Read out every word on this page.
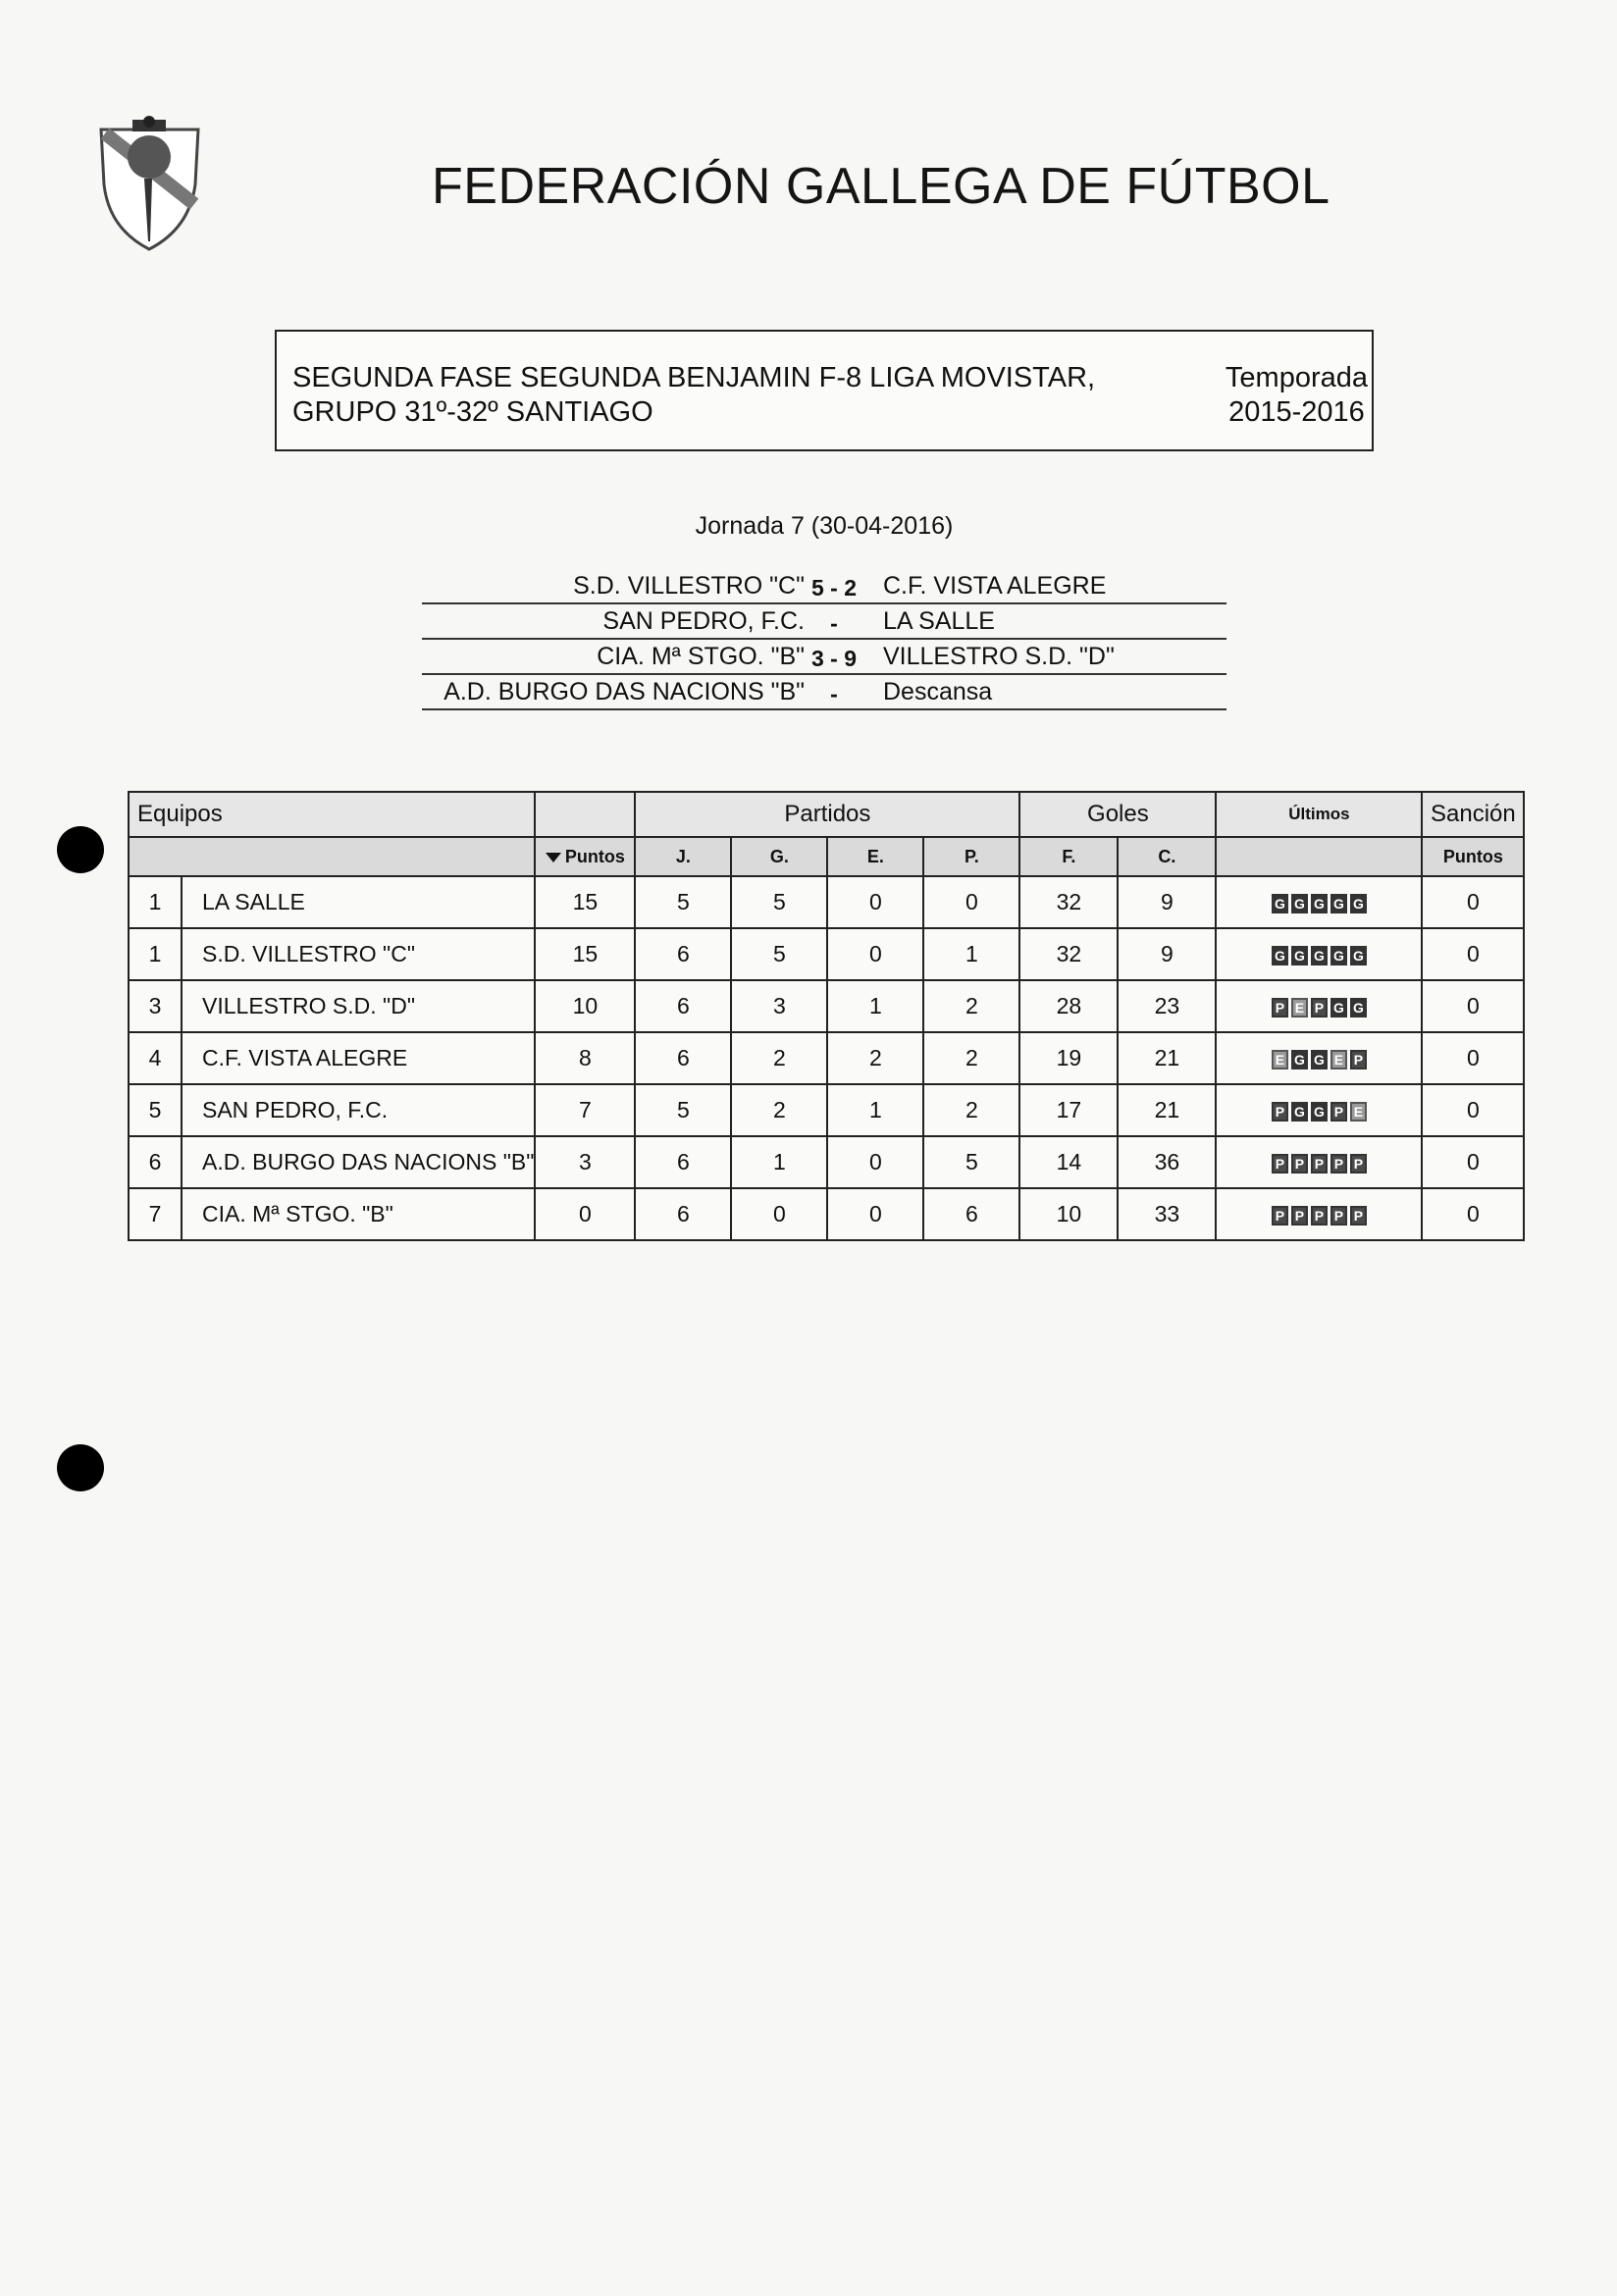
FEDERACIÓN GALLEGA DE FÚTBOL
SEGUNDA FASE SEGUNDA BENJAMIN F-8 LIGA MOVISTAR,
GRUPO 31º-32º SANTIAGO
Temporada
2015-2016
Jornada 7 (30-04-2016)
S.D. VILLESTRO "C" 5 - 2	C.F. VISTA ALEGRE
SAN PEDRO, F.C.	-	LA SALLE
CIA. Mª STGO. "B" 3 - 9	VILLESTRO S.D. "D"
A.D. BURGO DAS NACIONS "B"	-	Descansa
Equipos			Partidos				Goles		Últimos	Sanción
		Puntos	J.	G.	E.	P.	F.	C.		Puntos
1	LA SALLE	15	5	5	0	0	32	9	G G G G G	0
1	S.D. VILLESTRO "C"	15	6	5	0	1	32	9	G G G G G	0
3	VILLESTRO S.D. "D"	10	6	3	1	2	28	23	P E P G G	0
4	C.F. VISTA ALEGRE	8	6	2	2	2	19	21	E G G E P	0
5	SAN PEDRO, F.C.	7	5	2	1	2	17	21	P G G P E	0
6	A.D. BURGO DAS NACIONS "B"	3	6	1	0	5	14	36	P P P P P	0
7	CIA. Mª STGO. "B"	0	6	0	0	6	10	33	P P P P P	0
